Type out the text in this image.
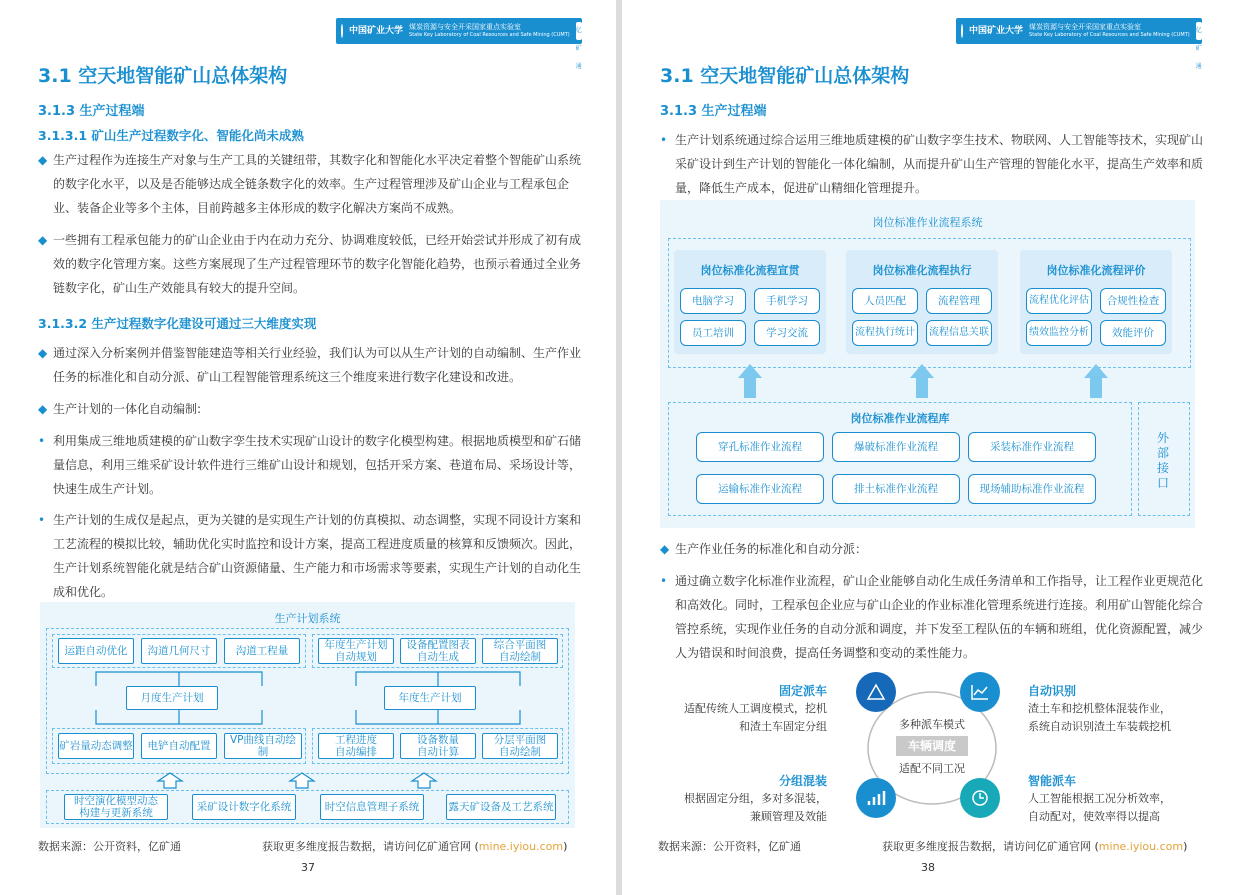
中国矿业大学 煤炭资源与安全开采国家重点实验室
State Key Laboratory of Coal Resources and Safe Mining (CUMT)
亿矿通
3.1 空天地智能矿山总体架构
3.1.3 生产过程端
3.1.3.1 矿山生产过程数字化、智能化尚未成熟
◆ 生产过程作为连接生产对象与生产工具的关键纽带，其数字化和智能化水平决定着整个智能矿山系统的数字化水平，以及是否能够达成全链条数字化的效率。生产过程管理涉及矿山企业与工程承包企业、装备企业等多个主体，目前跨越多主体形成的数字化解决方案尚不成熟。
◆ 一些拥有工程承包能力的矿山企业由于内在动力充分、协调难度较低，已经开始尝试并形成了初有成效的数字化管理方案。这些方案展现了生产过程管理环节的数字化智能化趋势，也预示着通过全业务链数字化，矿山生产效能具有较大的提升空间。
3.1.3.2 生产过程数字化建设可通过三大维度实现
◆ 通过深入分析案例并借鉴智能建造等相关行业经验，我们认为可以从生产计划的自动编制、生产作业任务的标准化和自动分派、矿山工程智能管理系统这三个维度来进行数字化建设和改进。
◆ 生产计划的一体化自动编制:
• 利用集成三维地质建模的矿山数字孪生技术实现矿山设计的数字化模型构建。根据地质模型和矿石储量信息，利用三维采矿设计软件进行三维矿山设计和规划，包括开采方案、巷道布局、采场设计等，快速生成生产计划。
• 生产计划的生成仅是起点，更为关键的是实现生产计划的仿真模拟、动态调整，实现不同设计方案和工艺流程的模拟比较，辅助优化实时监控和设计方案，提高工程进度质量的核算和反馈频次。因此，生产计划系统智能化就是结合矿山资源储量、生产能力和市场需求等要素，实现生产计划的自动化生成和优化。
生产计划系统
运距自动优化	沟道几何尺寸	沟道工程量	年度生产计划
自动规划
设备配置图表
自动生成
综合平面图
自动绘制
月度生产计划	年度生产计划
矿岩量动态调整	电铲自动配置	VP曲线自动绘制
工程进度
自动编排
设备数量
自动计算
分层平面图
自动绘制
时空演化模型动态
构建与更新系统	采矿设计数字化系统	时空信息管理子系统	露天矿设备及工艺系统
数据来源：公开资料，亿矿通	获取更多维度报告数据，请访问亿矿通官网 (mine.iyiou.com)
37
中国矿业大学 煤炭资源与安全开采国家重点实验室
State Key Laboratory of Coal Resources and Safe Mining (CUMT)
亿矿通
3.1 空天地智能矿山总体架构
3.1.3 生产过程端
• 生产计划系统通过综合运用三维地质建模的矿山数字孪生技术、物联网、人工智能等技术，实现矿山采矿设计到生产计划的智能化一体化编制，从而提升矿山生产管理的智能化水平，提高生产效率和质量，降低生产成本，促进矿山精细化管理提升。
岗位标准作业流程系统
岗位标准化流程宣贯
电脑学习	手机学习
员工培训	学习交流
岗位标准化流程执行
人员匹配	流程管理
流程执行统计	流程信息关联
岗位标准化流程评价
流程优化评估	合规性检查
绩效监控分析	效能评价
岗位标准作业流程库
穿孔标准作业流程	爆破标准作业流程	采装标准作业流程
运输标准作业流程	排土标准作业流程	现场辅助标准作业流程
外部接口
◆ 生产作业任务的标准化和自动分派：
• 通过确立数字化标准作业流程，矿山企业能够自动化生成任务清单和工作指导，让工程作业更规范化和高效化。同时，工程承包企业应与矿山企业的作业标准化管理系统进行连接。利用矿山智能化综合管控系统，实现作业任务的自动分派和调度，并下发至工程队伍的车辆和班组，优化资源配置，减少人为错误和时间浪费，提高任务调整和变动的柔性能力。
多种派车模式
车辆调度
适配不同工况
固定派车
适配传统人工调度模式，挖机
和渣土车固定分组
自动识别
渣土车和挖机整体混装作业，
系统自动识别渣土车装载挖机
分组混装
根据固定分组，多对多混装，
兼顾管理及效能
智能派车
人工智能根据工况分析效率，
自动配对，使效率得以提高
数据来源：公开资料，亿矿通	获取更多维度报告数据，请访问亿矿通官网 (mine.iyiou.com)
38
